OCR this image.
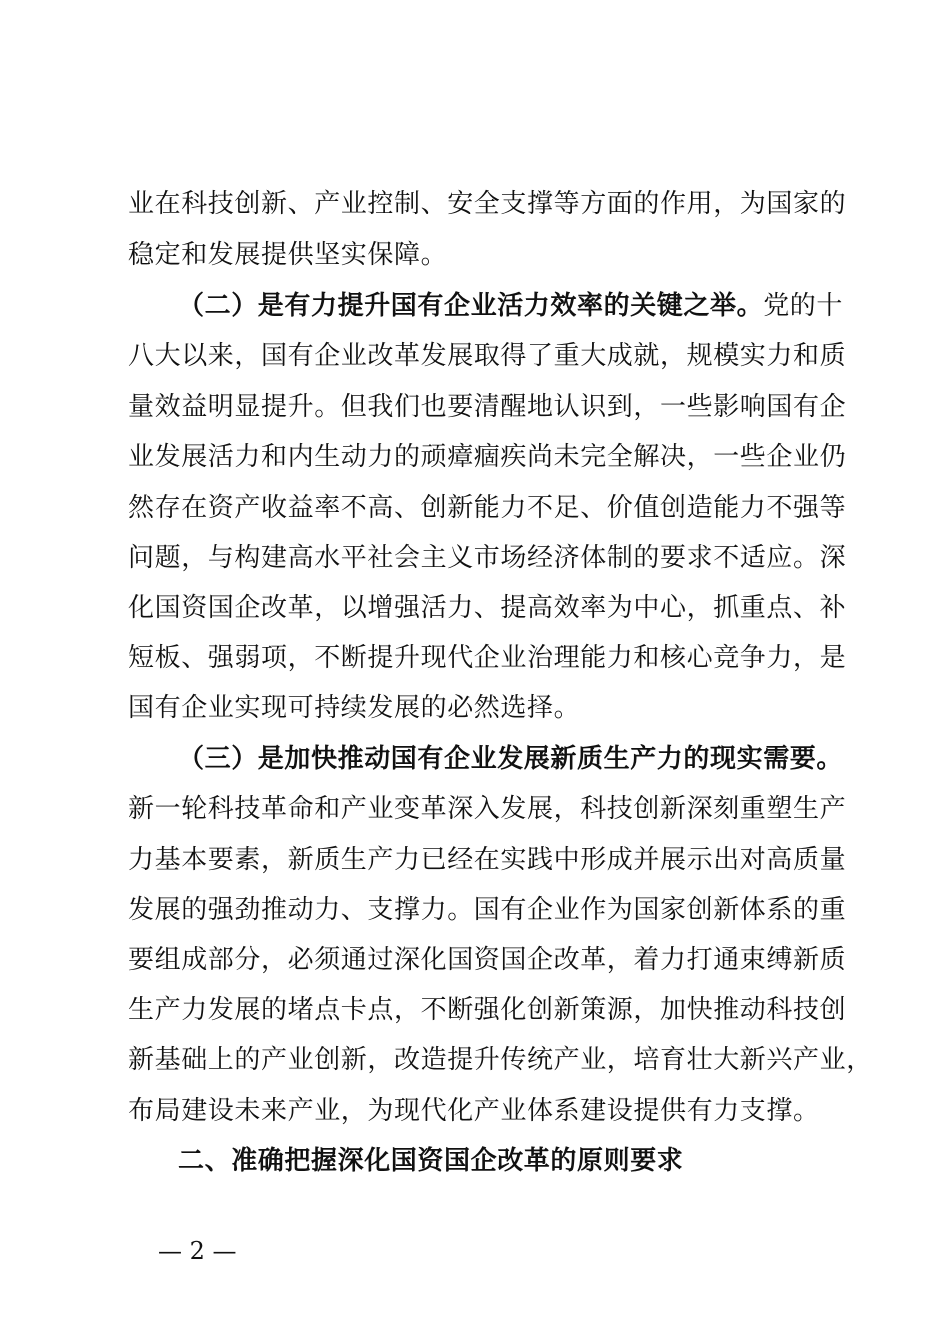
业在科技创新、产业控制、安全支撑等方面的作用，为国家的
稳定和发展提供坚实保障。
（二）是有力提升国有企业活力效率的关键之举。党的十
八大以来，国有企业改革发展取得了重大成就，规模实力和质
量效益明显提升。但我们也要清醒地认识到，一些影响国有企
业发展活力和内生动力的顽瘴痼疾尚未完全解决，一些企业仍
然存在资产收益率不高、创新能力不足、价值创造能力不强等
问题，与构建高水平社会主义市场经济体制的要求不适应。深
化国资国企改革，以增强活力、提高效率为中心，抓重点、补
短板、强弱项，不断提升现代企业治理能力和核心竞争力，是
国有企业实现可持续发展的必然选择。
（三）是加快推动国有企业发展新质生产力的现实需要。
新一轮科技革命和产业变革深入发展，科技创新深刻重塑生产
力基本要素，新质生产力已经在实践中形成并展示出对高质量
发展的强劲推动力、支撑力。国有企业作为国家创新体系的重
要组成部分，必须通过深化国资国企改革，着力打通束缚新质
生产力发展的堵点卡点，不断强化创新策源，加快推动科技创
新基础上的产业创新，改造提升传统产业，培育壮大新兴产业，
布局建设未来产业，为现代化产业体系建设提供有力支撑。
二、准确把握深化国资国企改革的原则要求
— 2 —
